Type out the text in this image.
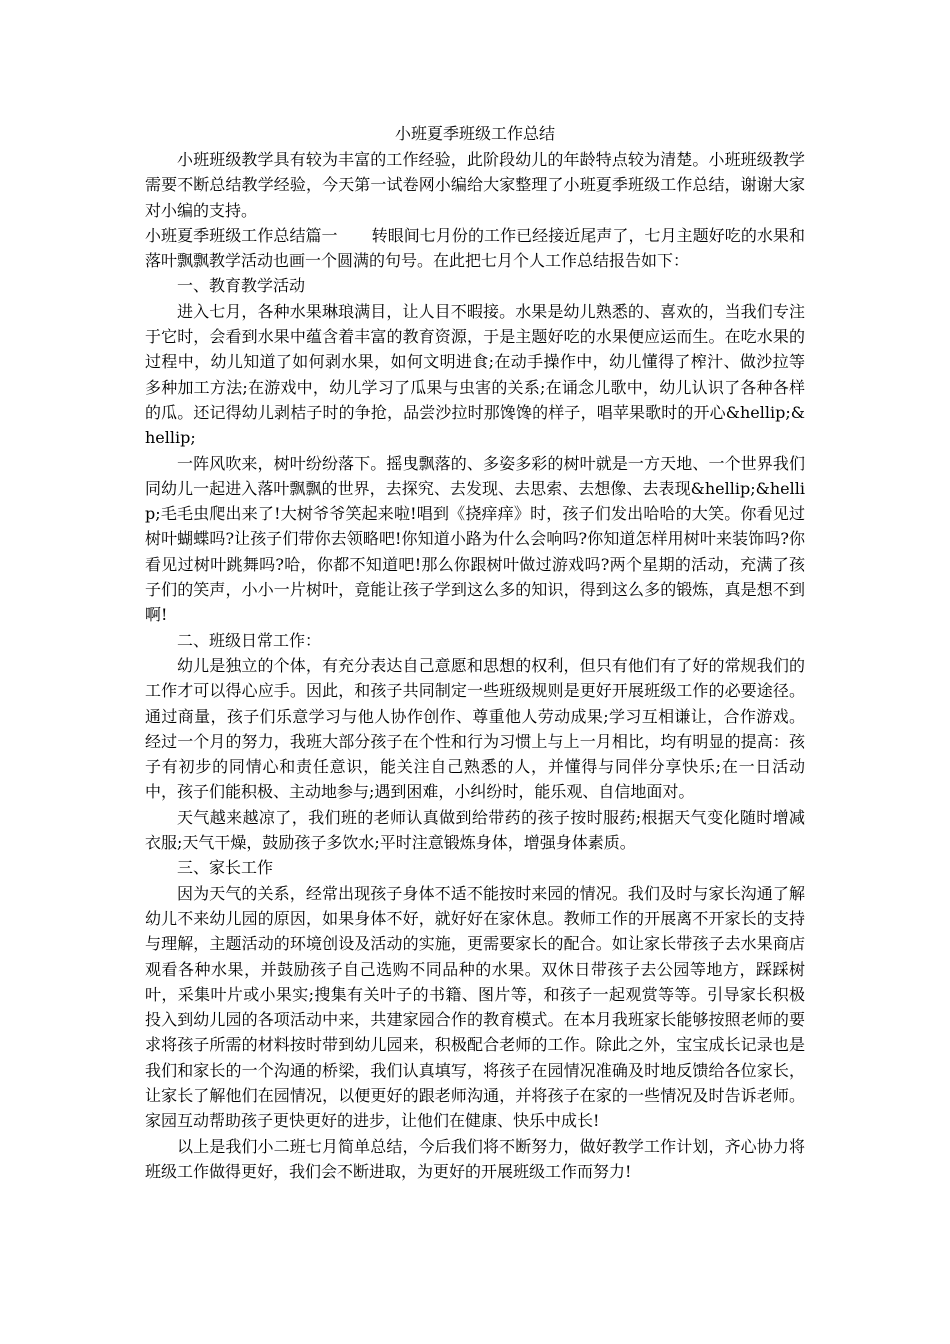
小班夏季班级工作总结

小班班级教学具有较为丰富的工作经验，此阶段幼儿的年龄特点较为清楚。小班班级教学需要不断总结教学经验，今天第一试卷网小编给大家整理了小班夏季班级工作总结，谢谢大家对小编的支持。

小班夏季班级工作总结篇一 转眼间七月份的工作已经接近尾声了，七月主题好吃的水果和落叶飘飘教学活动也画一个圆满的句号。在此把七月个人工作总结报告如下：

一、教育教学活动

进入七月，各种水果琳琅满目，让人目不暇接。水果是幼儿熟悉的、喜欢的，当我们专注于它时，会看到水果中蕴含着丰富的教育资源，于是主题好吃的水果便应运而生。在吃水果的过程中，幼儿知道了如何剥水果，如何文明进食;在动手操作中，幼儿懂得了榨汁、做沙拉等多种加工方法;在游戏中，幼儿学习了瓜果与虫害的关系;在诵念儿歌中，幼儿认识了各种各样的瓜。还记得幼儿剥桔子时的争抢，品尝沙拉时那馋馋的样子，唱苹果歌时的开心&hellip;&hellip;

一阵风吹来，树叶纷纷落下。摇曳飘落的、多姿多彩的树叶就是一方天地、一个世界我们同幼儿一起进入落叶飘飘的世界，去探究、去发现、去思索、去想像、去表现&hellip;&hellip;毛毛虫爬出来了!大树爷爷笑起来啦!唱到《挠痒痒》时，孩子们发出哈哈的大笑。你看见过树叶蝴蝶吗?让孩子们带你去领略吧!你知道小路为什么会响吗?你知道怎样用树叶来装饰吗?你看见过树叶跳舞吗?哈，你都不知道吧!那么你跟树叶做过游戏吗?两个星期的活动，充满了孩子们的笑声，小小一片树叶，竟能让孩子学到这么多的知识，得到这么多的锻炼，真是想不到啊!

二、班级日常工作：

幼儿是独立的个体，有充分表达自己意愿和思想的权利，但只有他们有了好的常规我们的工作才可以得心应手。因此，和孩子共同制定一些班级规则是更好开展班级工作的必要途径。通过商量，孩子们乐意学习与他人协作创作、尊重他人劳动成果;学习互相谦让，合作游戏。经过一个月的努力，我班大部分孩子在个性和行为习惯上与上一月相比，均有明显的提高：孩子有初步的同情心和责任意识，能关注自己熟悉的人，并懂得与同伴分享快乐;在一日活动中，孩子们能积极、主动地参与;遇到困难，小纠纷时，能乐观、自信地面对。

天气越来越凉了，我们班的老师认真做到给带药的孩子按时服药;根据天气变化随时增减衣服;天气干燥，鼓励孩子多饮水;平时注意锻炼身体，增强身体素质。

三、家长工作

因为天气的关系，经常出现孩子身体不适不能按时来园的情况。我们及时与家长沟通了解幼儿不来幼儿园的原因，如果身体不好，就好好在家休息。教师工作的开展离不开家长的支持与理解，主题活动的环境创设及活动的实施，更需要家长的配合。如让家长带孩子去水果商店观看各种水果，并鼓励孩子自己选购不同品种的水果。双休日带孩子去公园等地方，踩踩树叶，采集叶片或小果实;搜集有关叶子的书籍、图片等，和孩子一起观赏等等。引导家长积极投入到幼儿园的各项活动中来，共建家园合作的教育模式。在本月我班家长能够按照老师的要求将孩子所需的材料按时带到幼儿园来，积极配合老师的工作。除此之外，宝宝成长记录也是我们和家长的一个沟通的桥梁，我们认真填写，将孩子在园情况准确及时地反馈给各位家长，让家长了解他们在园情况，以便更好的跟老师沟通，并将孩子在家的一些情况及时告诉老师。家园互动帮助孩子更快更好的进步，让他们在健康、快乐中成长!

以上是我们小二班七月简单总结，今后我们将不断努力，做好教学工作计划，齐心协力将班级工作做得更好，我们会不断进取，为更好的开展班级工作而努力!
